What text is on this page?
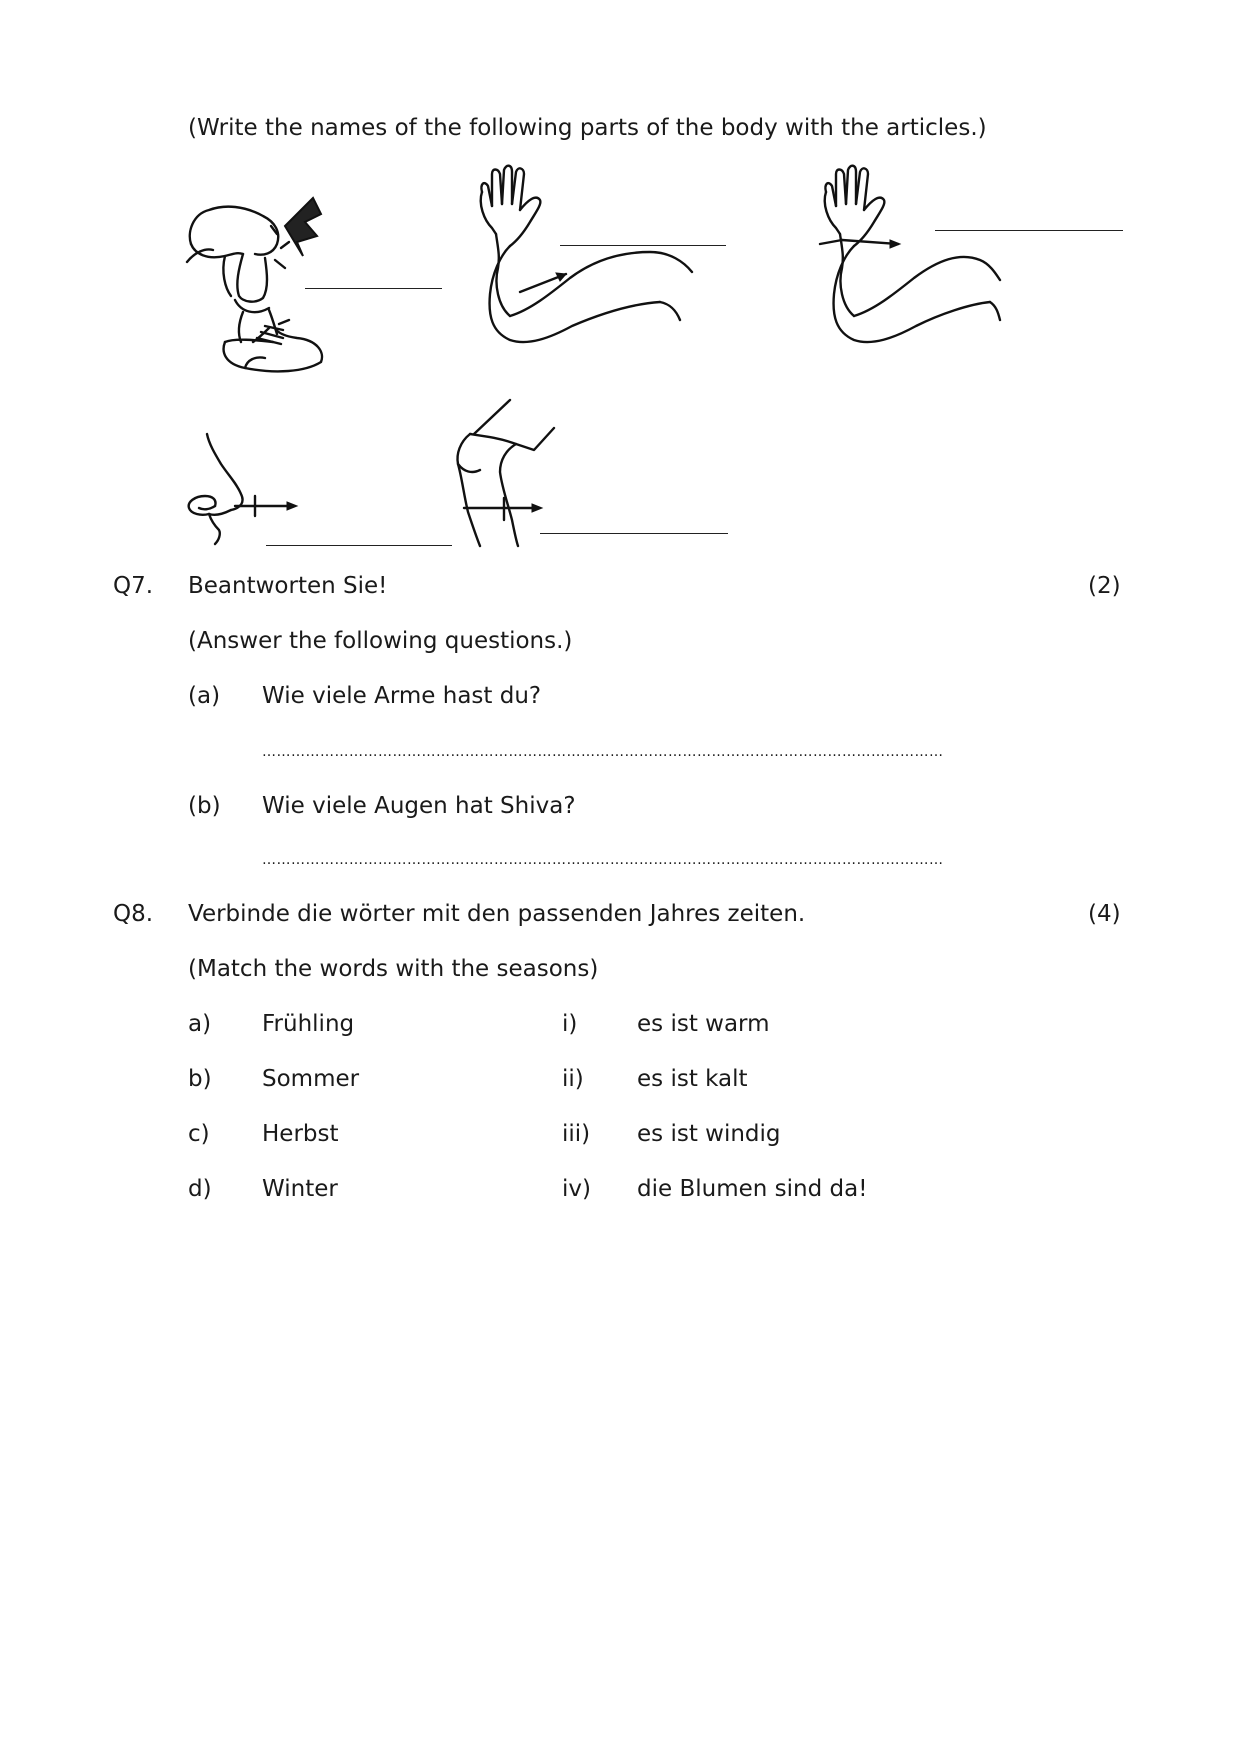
(Write the names of the following parts of the body with the articles.)
Q7. Beantworten Sie!	(2)
(Answer the following questions.)
(a) Wie viele Arme hast du?
……………………………………………………………………………………………………………………………
(b) Wie viele Augen hat Shiva?
……………………………………………………………………………………………………………………………
Q8. Verbinde die wörter mit den passenden Jahres zeiten.	(4)
(Match the words with the seasons)
a) Frühling	i)	es ist warm
b) Sommer	ii) es ist kalt
c) Herbst	iii) es ist windig
d) Winter	iv) die Blumen sind da!
